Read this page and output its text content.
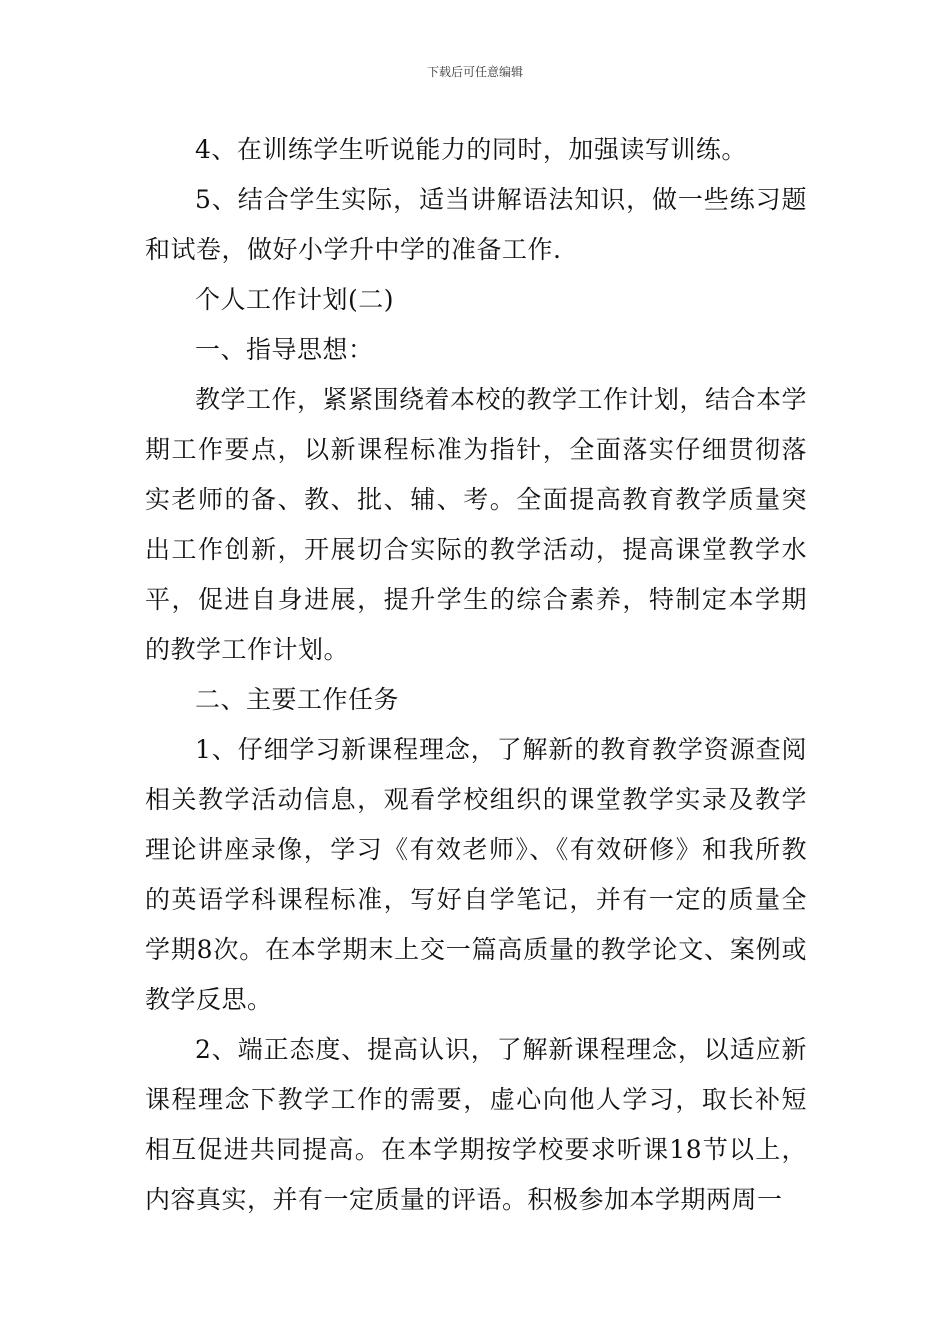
下载后可任意编辑

4、在训练学生听说能力的同时，加强读写训练。

5、结合学生实际，适当讲解语法知识，做一些练习题和试卷，做好小学升中学的准备工作.

个人工作计划(二)

一、指导思想：

教学工作，紧紧围绕着本校的教学工作计划，结合本学期工作要点，以新课程标准为指针，全面落实仔细贯彻落实老师的备、教、批、辅、考。全面提高教育教学质量突出工作创新，开展切合实际的教学活动，提高课堂教学水平，促进自身进展，提升学生的综合素养，特制定本学期的教学工作计划。

二、主要工作任务

1、仔细学习新课程理念，了解新的教育教学资源查阅相关教学活动信息，观看学校组织的课堂教学实录及教学理论讲座录像，学习《有效老师》、《有效研修》和我所教的英语学科课程标准，写好自学笔记，并有一定的质量全学期8次。在本学期末上交一篇高质量的教学论文、案例或教学反思。

2、端正态度、提高认识，了解新课程理念，以适应新课程理念下教学工作的需要，虚心向他人学习，取长补短相互促进共同提高。在本学期按学校要求听课18节以上，内容真实，并有一定质量的评语。积极参加本学期两周一
